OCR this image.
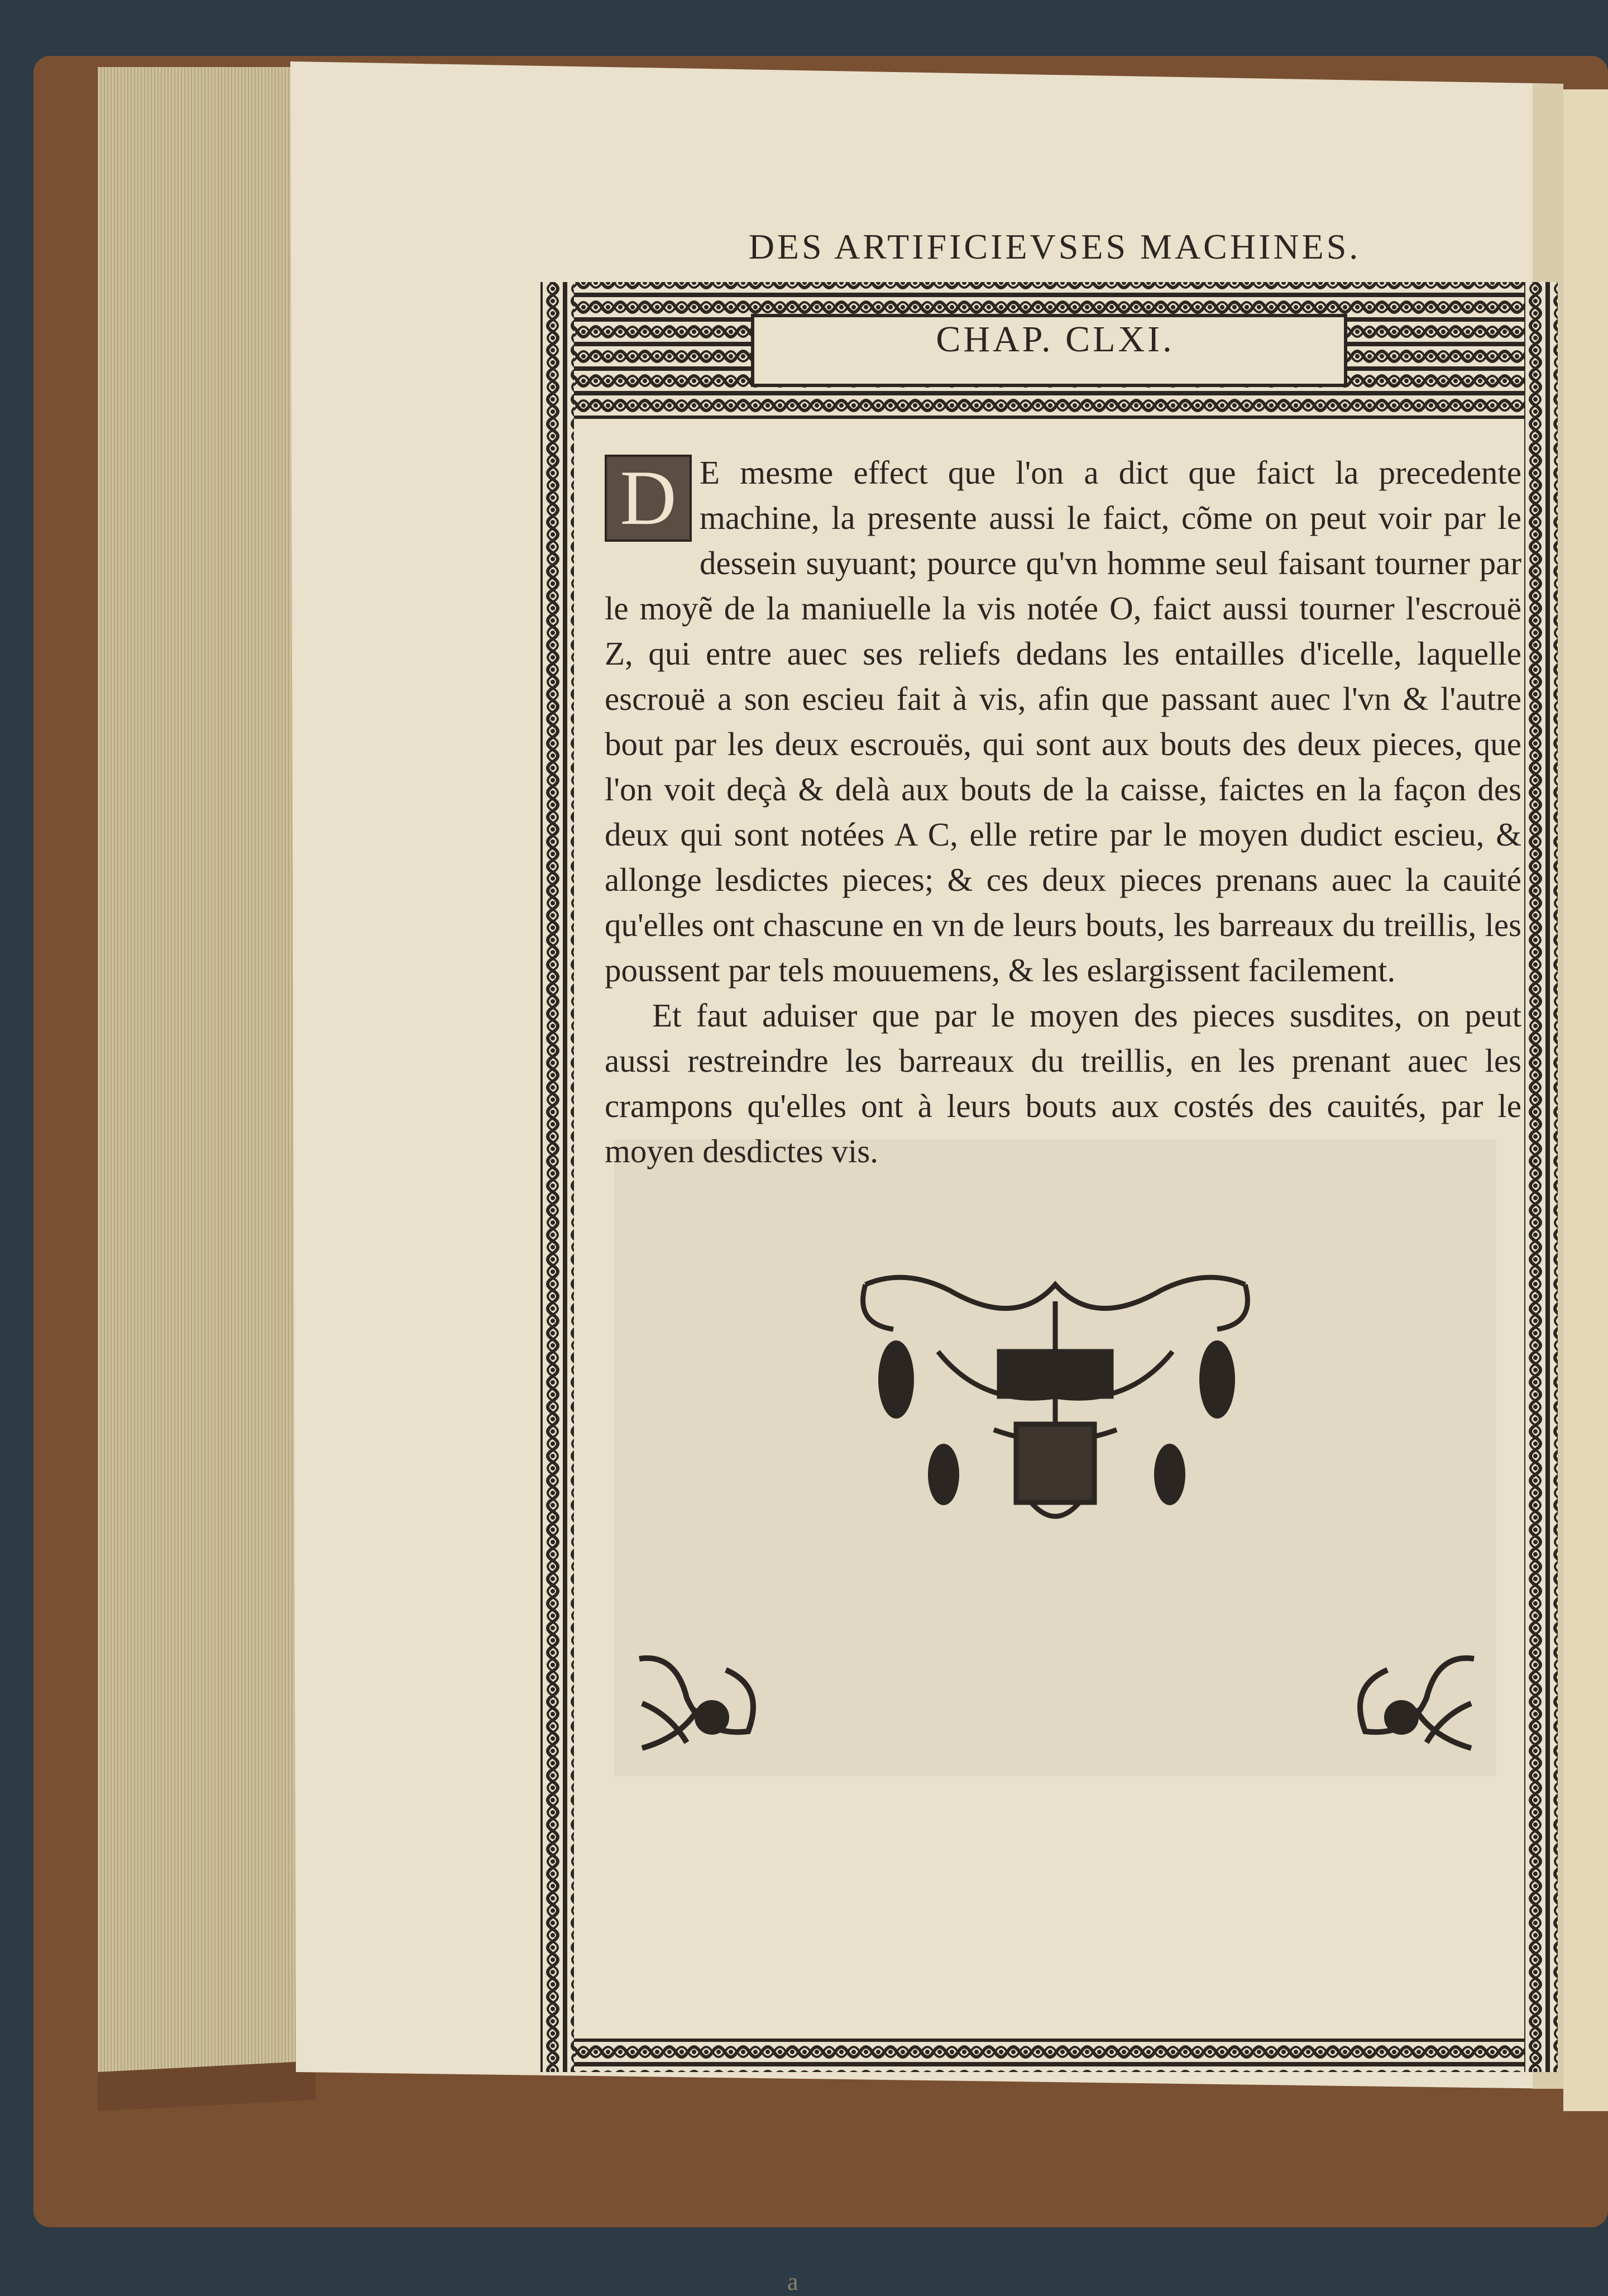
DES ARTIFICIEVSES MACHINES.
CHAP. CLXI.

D E mesme effect que l'on a dict que faict la precedente machine, la presente aussi le faict, cõme on peut voir par le dessein suyuant; pource qu'vn homme seul faisant tourner par le moyẽ de la maniuelle la vis notée O, faict aussi tourner l'escrouë Z, qui entre auec ses reliefs dedans les entailles d'icelle, laquelle escrouë a son escieu fait à vis, afin que passant auec l'vn & l'autre bout par les deux escrouës, qui sont aux bouts des deux pieces, que l'on voit deçà & delà aux bouts de la caisse, faictes en la façon des deux qui sont notées A C, elle retire par le moyen dudict escieu, & allonge lesdictes pieces; & ces deux pieces prenans auec la cauité qu'elles ont chascune en vn de leurs bouts, les barreaux du treillis, les poussent par tels mouuemens, & les eslargissent facilement.

Et faut aduiser que par le moyen des pieces susdites, on peut aussi restreindre les barreaux du treillis, en les prenant auec les crampons qu'elles ont à leurs bouts aux costés des cauités, par le moyen desdictes vis.

a
